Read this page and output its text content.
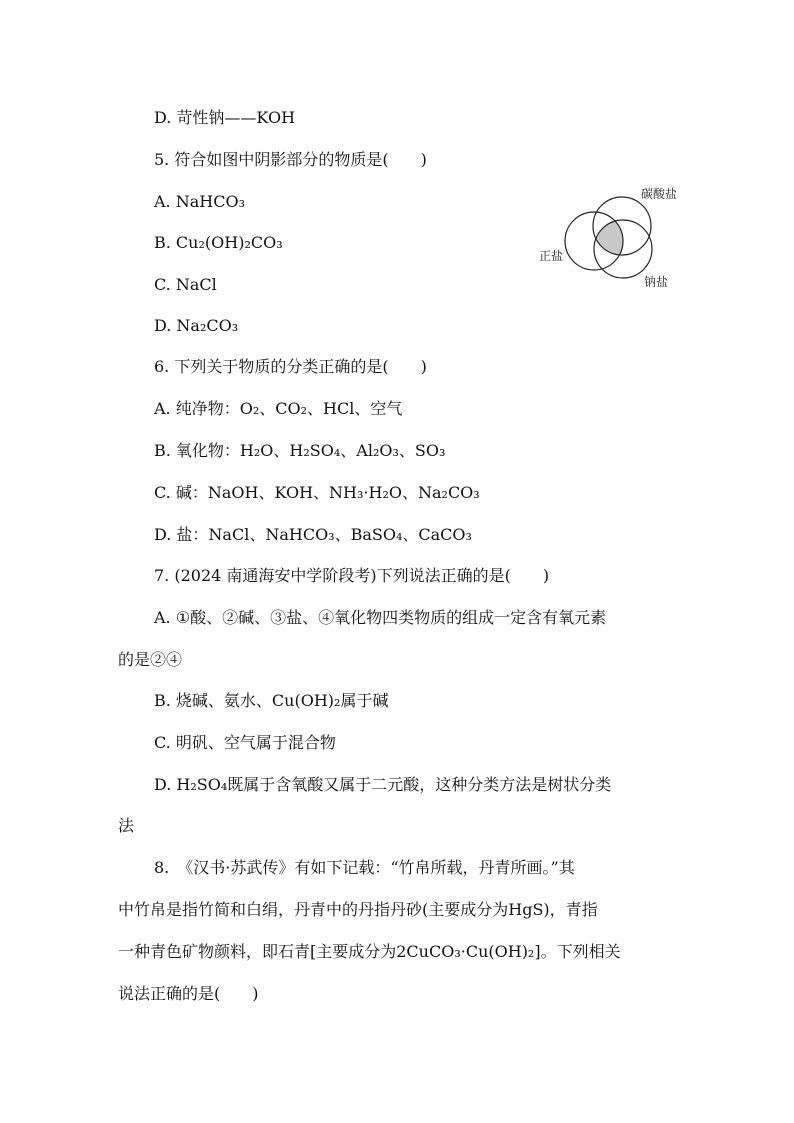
D. 苛性钠——KOH
5. 符合如图中阴影部分的物质是(　　)
A. NaHCO₃
B. Cu₂(OH)₂CO₃
C. NaCl
D. Na₂CO₃
碳酸盐
正盐
钠盐
6. 下列关于物质的分类正确的是(　　)
A. 纯净物：O₂、CO₂、HCl、空气
B. 氧化物：H₂O、H₂SO₄、Al₂O₃、SO₃
C. 碱：NaOH、KOH、NH₃·H₂O、Na₂CO₃
D. 盐：NaCl、NaHCO₃、BaSO₄、CaCO₃
7. (2024 南通海安中学阶段考)下列说法正确的是(　　)
A. ①酸、②碱、③盐、④氧化物四类物质的组成一定含有氧元素
的是②④
B. 烧碱、氨水、Cu(OH)₂属于碱
C. 明矾、空气属于混合物
D. H₂SO₄既属于含氧酸又属于二元酸，这种分类方法是树状分类
法
8.　《汉书·苏武传》有如下记载：“竹帛所载，丹青所画。”其
中竹帛是指竹简和白绢，丹青中的丹指丹砂(主要成分为HgS)，青指
一种青色矿物颜料，即石青[主要成分为2CuCO₃·Cu(OH)₂]。下列相关
说法正确的是(　　)
